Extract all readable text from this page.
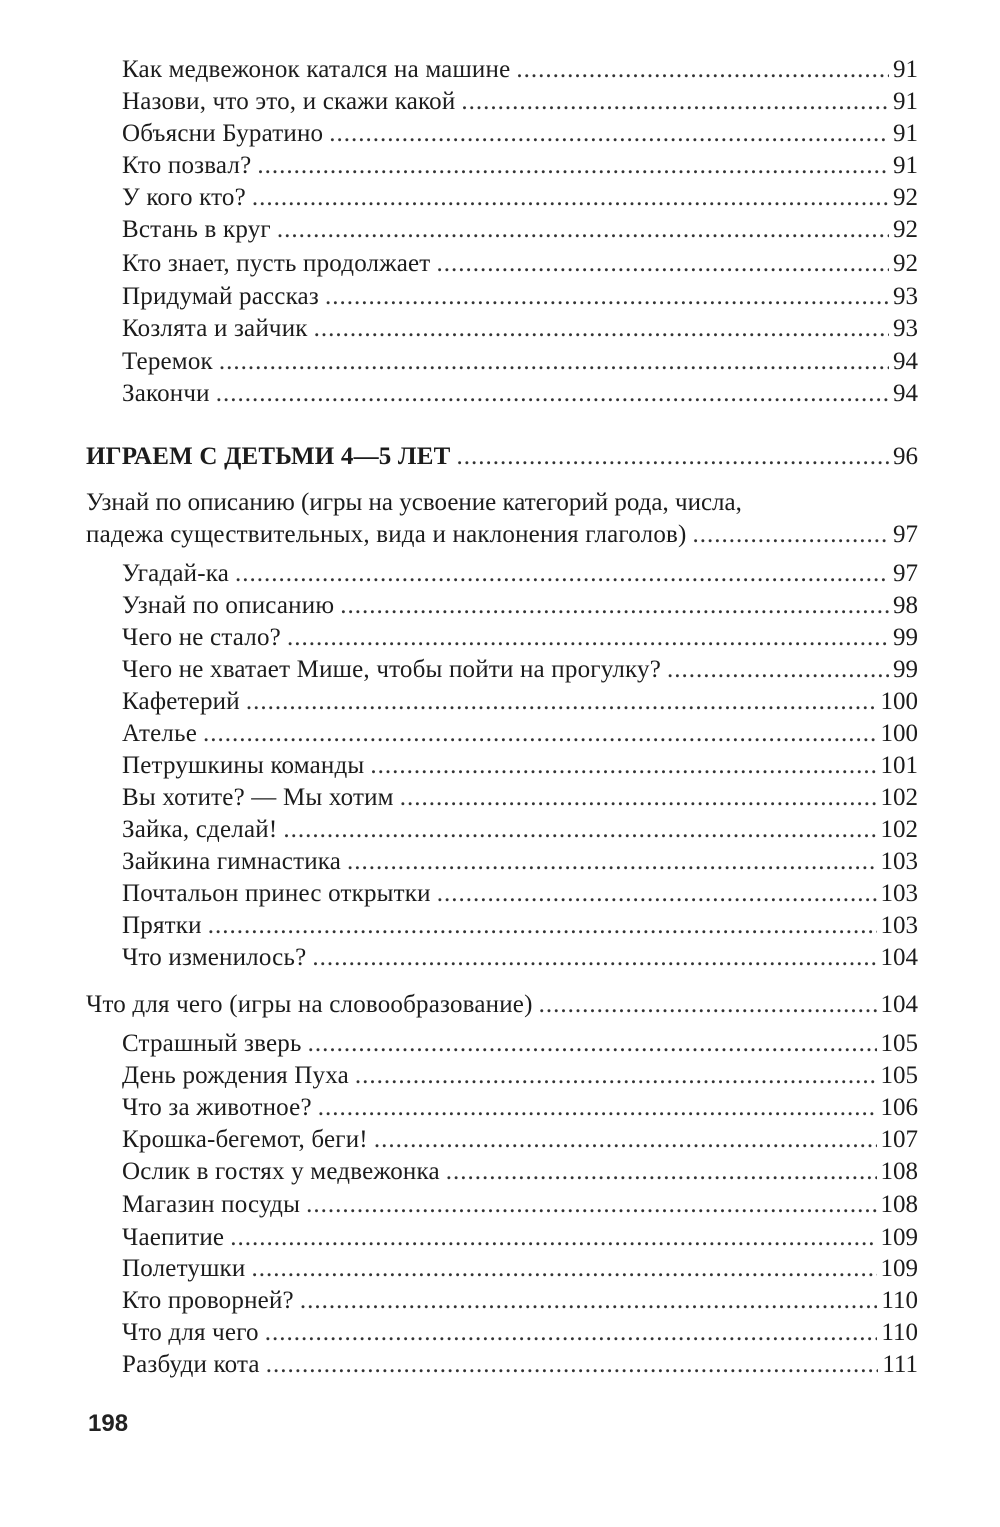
Как медвежонок катался на машине .....	91
Назови, что это, и скажи какой .....	91
Объясни Буратино .....	91
Кто позвал? .....	91
У кого кто? .....	92
Встань в круг .....	92
Кто знает, пусть продолжает .....	92
Придумай рассказ .....	93
Козлята и зайчик .....	93
Теремок .....	94
Закончи .....	94
ИГРАЕМ С ДЕТЬМИ 4—5 ЛЕТ .....	96
Узнай по описанию (игры на усвоение категорий рода, числа,
падежа существительных, вида и наклонения глаголов) .....	97
Угадай-ка .....	97
Узнай по описанию .....	98
Чего не стало? .....	99
Чего не хватает Мише, чтобы пойти на прогулку? .....	99
Кафетерий .....	100
Ателье .....	100
Петрушкины команды .....	101
Вы хотите? — Мы хотим .....	102
Зайка, сделай! .....	102
Зайкина гимнастика .....	103
Почтальон принес открытки .....	103
Прятки .....	103
Что изменилось? .....	104
Что для чего (игры на словообразование) .....	104
Страшный зверь .....	105
День рождения Пуха .....	105
Что за животное? .....	106
Крошка-бегемот, беги! .....	107
Ослик в гостях у медвежонка .....	108
Магазин посуды .....	108
Чаепитие .....	109
Полетушки .....	109
Кто проворней? .....	110
Что для чего .....	110
Разбуди кота .....	111
198
